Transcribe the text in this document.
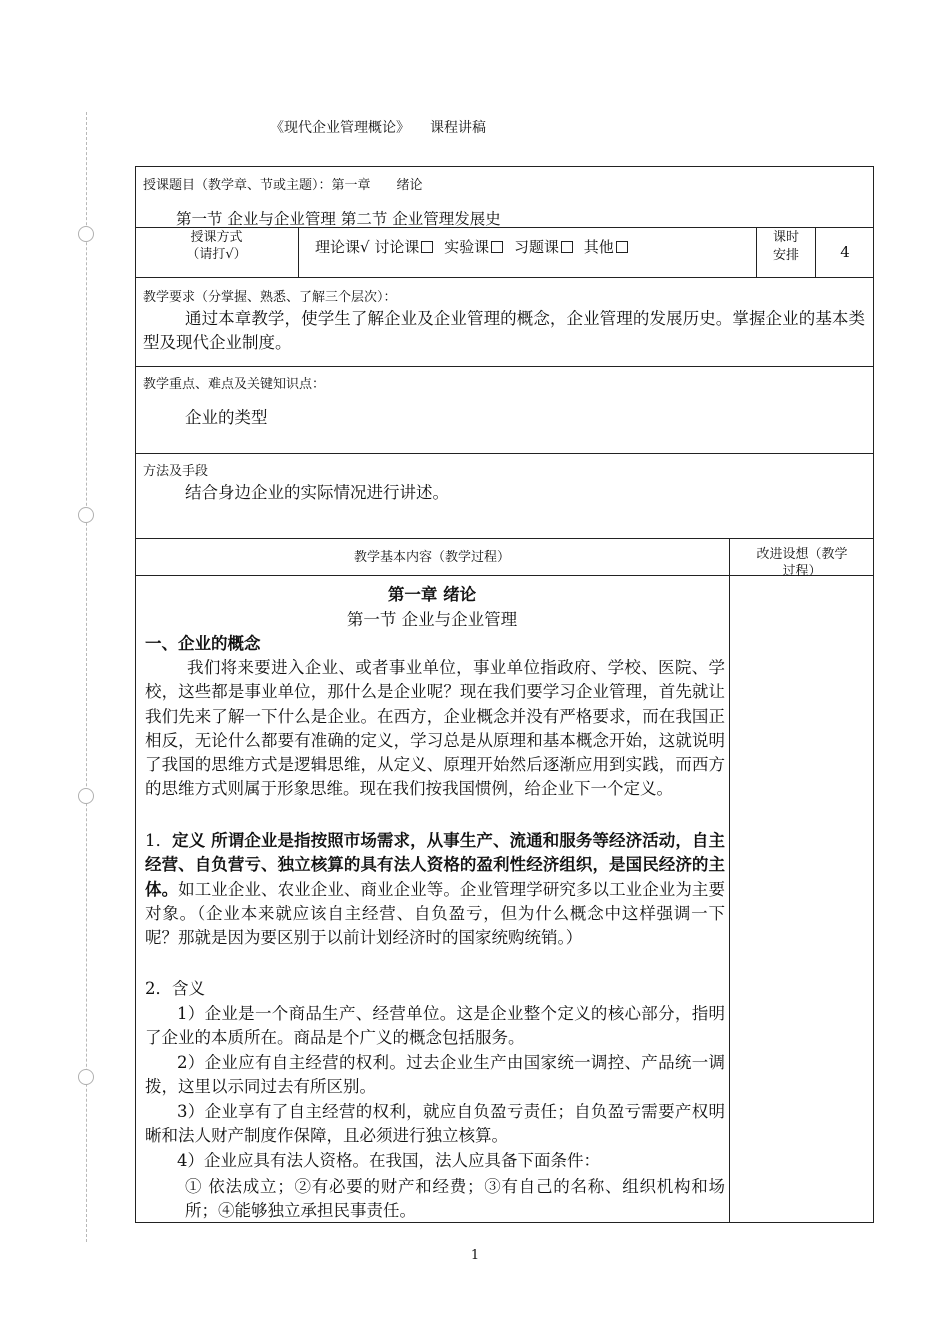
《现代企业管理概论》 课程讲稿
授课题目（教学章、节或主题）：第一章 绪论
第一节 企业与企业管理 第二节 企业管理发展史
授课方式
（请打√）	理论课√ 讨论课 实验课 习题课 其他
课时
安排	4
教学要求（分掌握、熟悉、了解三个层次）：
通过本章教学，使学生了解企业及企业管理的概念，企业管理的发展历史。掌握企业的基本类型及现代企业制度。
教学重点、难点及关键知识点：
企业的类型
方法及手段
结合身边企业的实际情况进行讲述。
教学基本内容（教学过程）	改进设想（教学
过程）
第一章 绪论
第一节 企业与企业管理
一、企业的概念
我们将来要进入企业、或者事业单位，事业单位指政府、学校、医院、学校，这些都是事业单位，那什么是企业呢？现在我们要学习企业管理，首先就让我们先来了解一下什么是企业。在西方，企业概念并没有严格要求，而在我国正相反，无论什么都要有准确的定义，学习总是从原理和基本概念开始，这就说明了我国的思维方式是逻辑思维，从定义、原理开始然后逐渐应用到实践，而西方的思维方式则属于形象思维。现在我们按我国惯例，给企业下一个定义。
1．定义 所谓企业是指按照市场需求，从事生产、流通和服务等经济活动，自主经营、自负营亏、独立核算的具有法人资格的盈利性经济组织，是国民经济的主体。如工业企业、农业企业、商业企业等。企业管理学研究多以工业企业为主要对象。（企业本来就应该自主经营、自负盈亏，但为什么概念中这样强调一下呢？那就是因为要区别于以前计划经济时的国家统购统销。）
2．含义
1）企业是一个商品生产、经营单位。这是企业整个定义的核心部分，指明了企业的本质所在。商品是个广义的概念包括服务。
2）企业应有自主经营的权利。过去企业生产由国家统一调控、产品统一调拨，这里以示同过去有所区别。
3）企业享有了自主经营的权利，就应自负盈亏责任；自负盈亏需要产权明晰和法人财产制度作保障，且必须进行独立核算。
4）企业应具有法人资格。在我国，法人应具备下面条件：
① 依法成立；②有必要的财产和经费；③有自己的名称、组织机构和场所；④能够独立承担民事责任。
1
